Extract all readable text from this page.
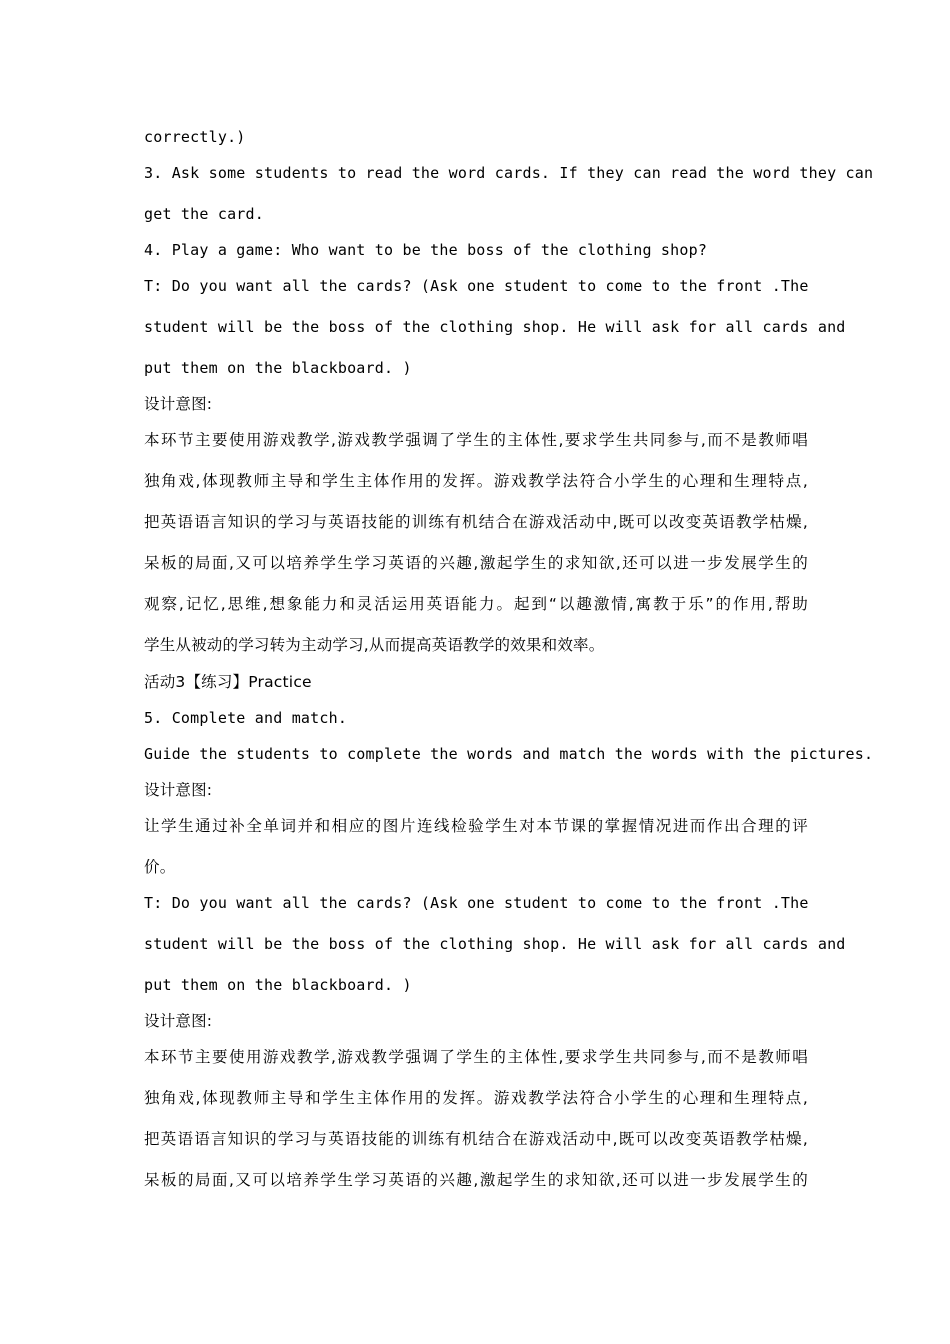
correctly.)
3. Ask some students to read the word cards. If they can read the word they can
get the card.
4. Play a game: Who want to be the boss of the clothing shop?
T: Do you want all the cards? (Ask one student to come to the front .The
student will be the boss of the clothing shop. He will ask for all cards and
put them on the blackboard. )
设计意图:
本环节主要使用游戏教学,游戏教学强调了学生的主体性,要求学生共同参与,而不是教师唱
独角戏,体现教师主导和学生主体作用的发挥。游戏教学法符合小学生的心理和生理特点,
把英语语言知识的学习与英语技能的训练有机结合在游戏活动中,既可以改变英语教学枯燥,
呆板的局面,又可以培养学生学习英语的兴趣,激起学生的求知欲,还可以进一步发展学生的
观察,记忆,思维,想象能力和灵活运用英语能力。起到“以趣激情,寓教于乐”的作用,帮助
学生从被动的学习转为主动学习,从而提高英语教学的效果和效率。
活动3【练习】Practice
5. Complete and match.
Guide the students to complete the words and match the words with the pictures.
设计意图:
让学生通过补全单词并和相应的图片连线检验学生对本节课的掌握情况进而作出合理的评
价。
T: Do you want all the cards? (Ask one student to come to the front .The
student will be the boss of the clothing shop. He will ask for all cards and
put them on the blackboard. )
设计意图:
本环节主要使用游戏教学,游戏教学强调了学生的主体性,要求学生共同参与,而不是教师唱
独角戏,体现教师主导和学生主体作用的发挥。游戏教学法符合小学生的心理和生理特点,
把英语语言知识的学习与英语技能的训练有机结合在游戏活动中,既可以改变英语教学枯燥,
呆板的局面,又可以培养学生学习英语的兴趣,激起学生的求知欲,还可以进一步发展学生的
